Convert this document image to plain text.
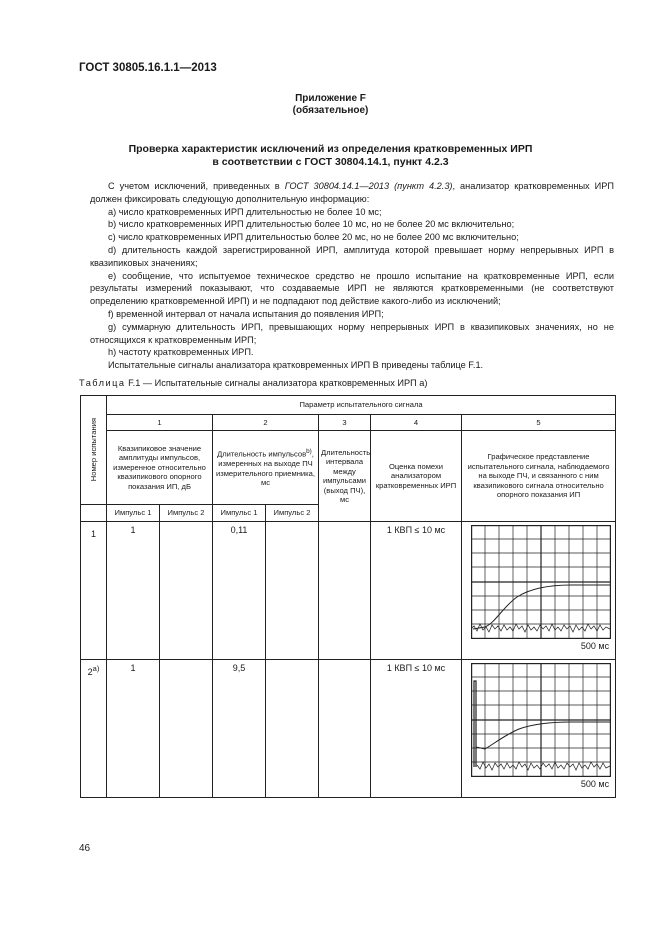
ГОСТ 30805.16.1.1—2013
Приложение F
(обязательное)
Проверка характеристик исключений из определения кратковременных ИРП
в соответствии с ГОСТ 30804.14.1, пункт 4.2.3

С учетом исключений, приведенных в ГОСТ 30804.14.1—2013 (пункт 4.2.3), анализатор кратковременных ИРП должен фиксировать следующую дополнительную информацию:

a) число кратковременных ИРП длительностью не более 10 мс;

b) число кратковременных ИРП длительностью более 10 мс, но не более 20 мс включительно;

c) число кратковременных ИРП длительностью более 20 мс, но не более 200 мс включительно;

d) длительность каждой зарегистрированной ИРП, амплитуда которой превышает норму непрерывных ИРП в квазипиковых значениях;

e) сообщение, что испытуемое техническое средство не прошло испытание на кратковременные ИРП, если результаты измерений показывают, что создаваемые ИРП не являются кратковременными (не соответствуют определению кратковременной ИРП) и не подпадают под действие какого-либо из исключений;

f) временной интервал от начала испытания до появления ИРП;

g) суммарную длительность ИРП, превышающих норму непрерывных ИРП в квазипиковых значениях, но не относящихся к кратковременным ИРП;

h) частоту кратковременных ИРП.

Испытательные сигналы анализатора кратковременных ИРП В приведены таблице F.1.

Таблица F.1 — Испытательные сигналы анализатора кратковременных ИРП а)
Номер испытания	Параметр испытательного сигнала						
	1		2		3	4	5
	Квазипиковое значение амплитуды импульсов, измеренное относительно квазипикового опорного показания ИП, дБ		Длительность импульсов$^{b)}$, измеренных на выходе ПЧ измерительного приемника, мс		Длительность интервала между импульсами (выход ПЧ), мс	Оценка помехи анализатором кратковременных ИРП	Графическое представление испытательного сигнала, наблюдаемого на выходе ПЧ, и связанного с ним квазипикового сигнала относительно опорного показания ИП
	Импульс 1	Импульс 2	Импульс 1	Импульс 2			
1	1		0,11			1 КВП ≤ 10 мс	500 мс

$2^{а)}$	1		9,5			1 КВП ≤ 10 мс	500 мс
46
